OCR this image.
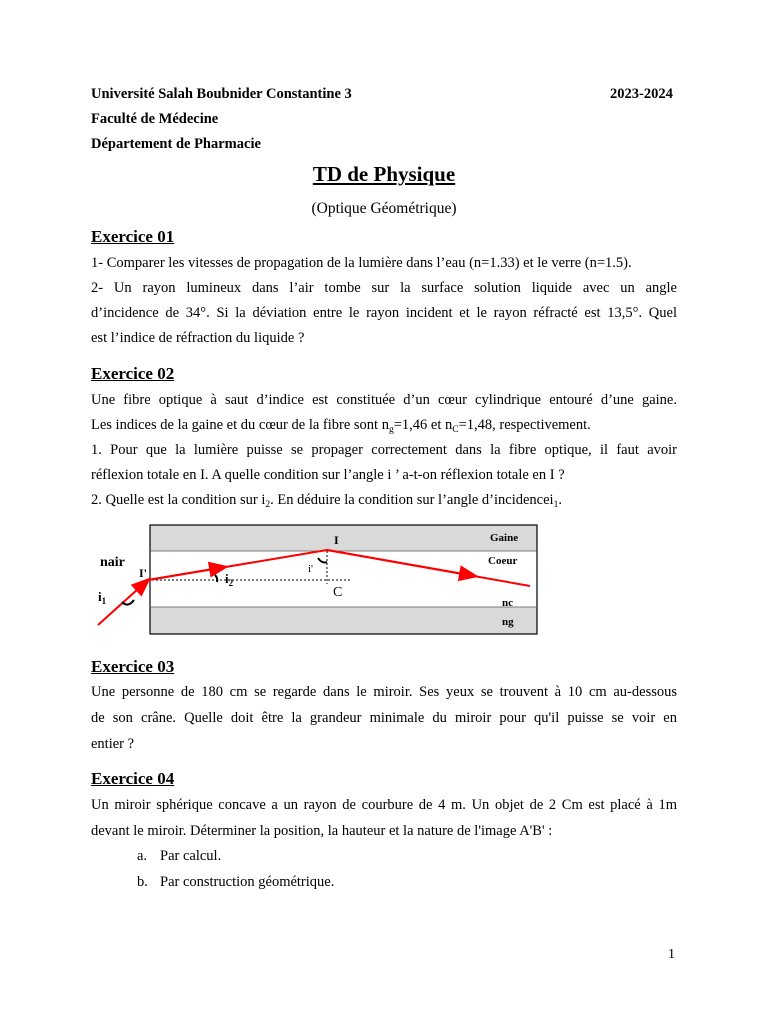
Université Salah Boubnider Constantine 3	2023-2024
Faculté de Médecine
Département de Pharmacie
TD de Physique
(Optique Géométrique)
Exercice 01
1- Comparer les vitesses de propagation de la lumière dans l’eau (n=1.33) et le verre (n=1.5).
2- Un rayon lumineux dans l’air tombe sur la surface solution liquide avec un angle
d’incidence de 34°. Si la déviation entre le rayon incident et le rayon réfracté est 13,5°. Quel
est l’indice de réfraction du liquide ?
Exercice 02
Une fibre optique à saut d’indice est constituée d’un cœur cylindrique entouré d’une gaine.
Les indices de la gaine et du cœur de la fibre sont $n_g=1,46$ et $n_C=1,48$, respectivement.
1. Pour que la lumière puisse se propager correctement dans la fibre optique, il faut avoir
réflexion totale en I. A quelle condition sur l’angle i ’ a-t-on réflexion totale en I ?
2. Quelle est la condition sur $i_2$. En déduire la condition sur l’angle d’incidencei$_1$.
nair
I'
$i_1$
$i_2$
I
i'
C
Gaine
Coeur
nc
ng
Exercice 03
Une personne de 180 cm se regarde dans le miroir. Ses yeux se trouvent à 10 cm au-dessous
de son crâne. Quelle doit être la grandeur minimale du miroir pour qu'il puisse se voir en
entier ?
Exercice 04
Un miroir sphérique concave a un rayon de courbure de 4 m. Un objet de 2 Cm est placé à 1m
devant le miroir. Déterminer la position, la hauteur et la nature de l'image A'B' :
a. Par calcul.
b. Par construction géométrique.
1
